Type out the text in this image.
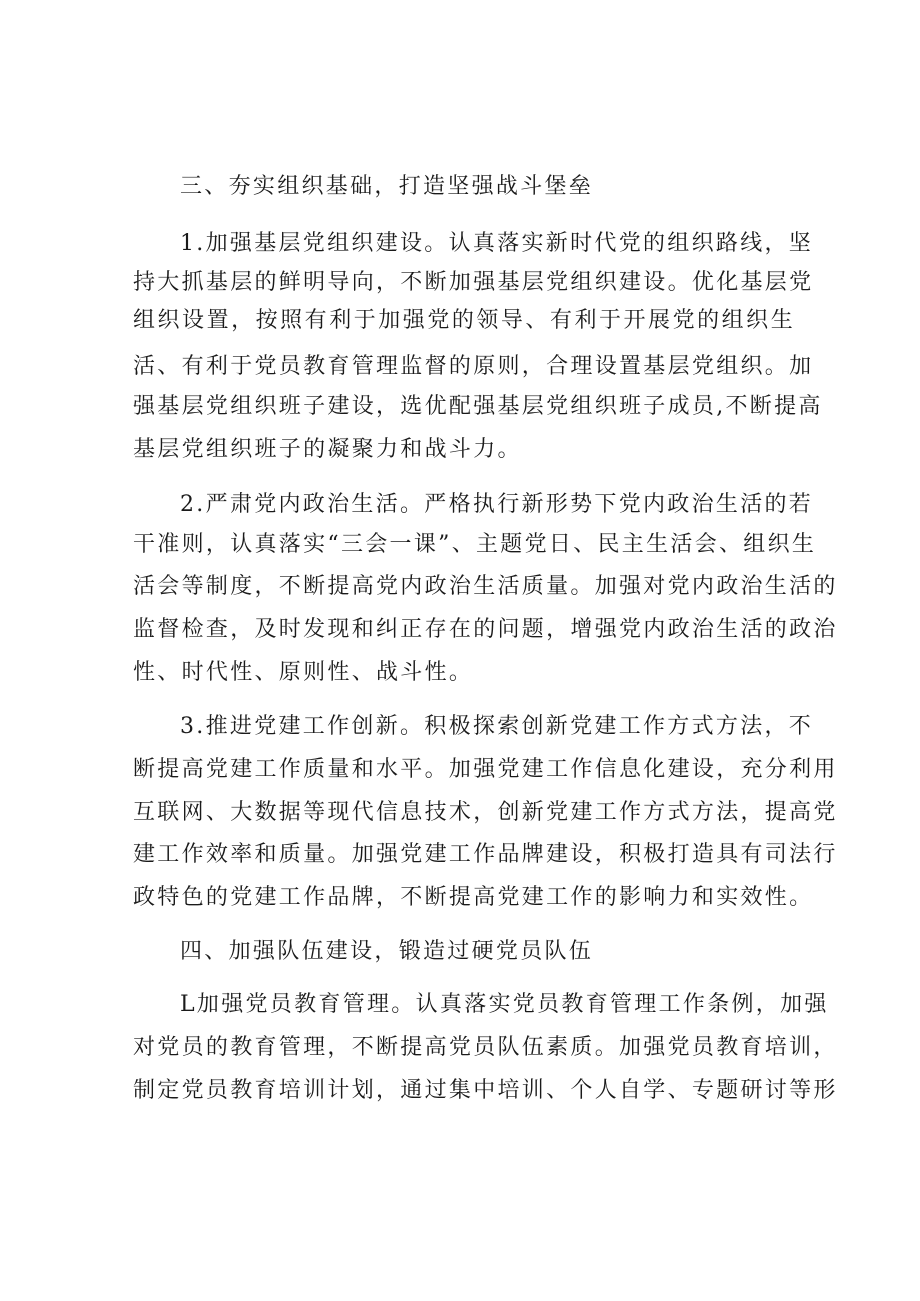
三、夯实组织基础，打造坚强战斗堡垒
1.加强基层党组织建设。认真落实新时代党的组织路线，坚
持大抓基层的鲜明导向，不断加强基层党组织建设。优化基层党
组织设置，按照有利于加强党的领导、有利于开展党的组织生
活、有利于党员教育管理监督的原则，合理设置基层党组织。加
强基层党组织班子建设，选优配强基层党组织班子成员,不断提高
基层党组织班子的凝聚力和战斗力。
2.严肃党内政治生活。严格执行新形势下党内政治生活的若
干准则，认真落实“三会一课”、主题党日、民主生活会、组织生
活会等制度，不断提高党内政治生活质量。加强对党内政治生活的
监督检查，及时发现和纠正存在的问题，增强党内政治生活的政治
性、时代性、原则性、战斗性。
3.推进党建工作创新。积极探索创新党建工作方式方法，不
断提高党建工作质量和水平。加强党建工作信息化建设，充分利用
互联网、大数据等现代信息技术，创新党建工作方式方法，提高党
建工作效率和质量。加强党建工作品牌建设，积极打造具有司法行
政特色的党建工作品牌，不断提高党建工作的影响力和实效性。
四、加强队伍建设，锻造过硬党员队伍
L加强党员教育管理。认真落实党员教育管理工作条例，加强
对党员的教育管理，不断提高党员队伍素质。加强党员教育培训，
制定党员教育培训计划，通过集中培训、个人自学、专题研讨等形
